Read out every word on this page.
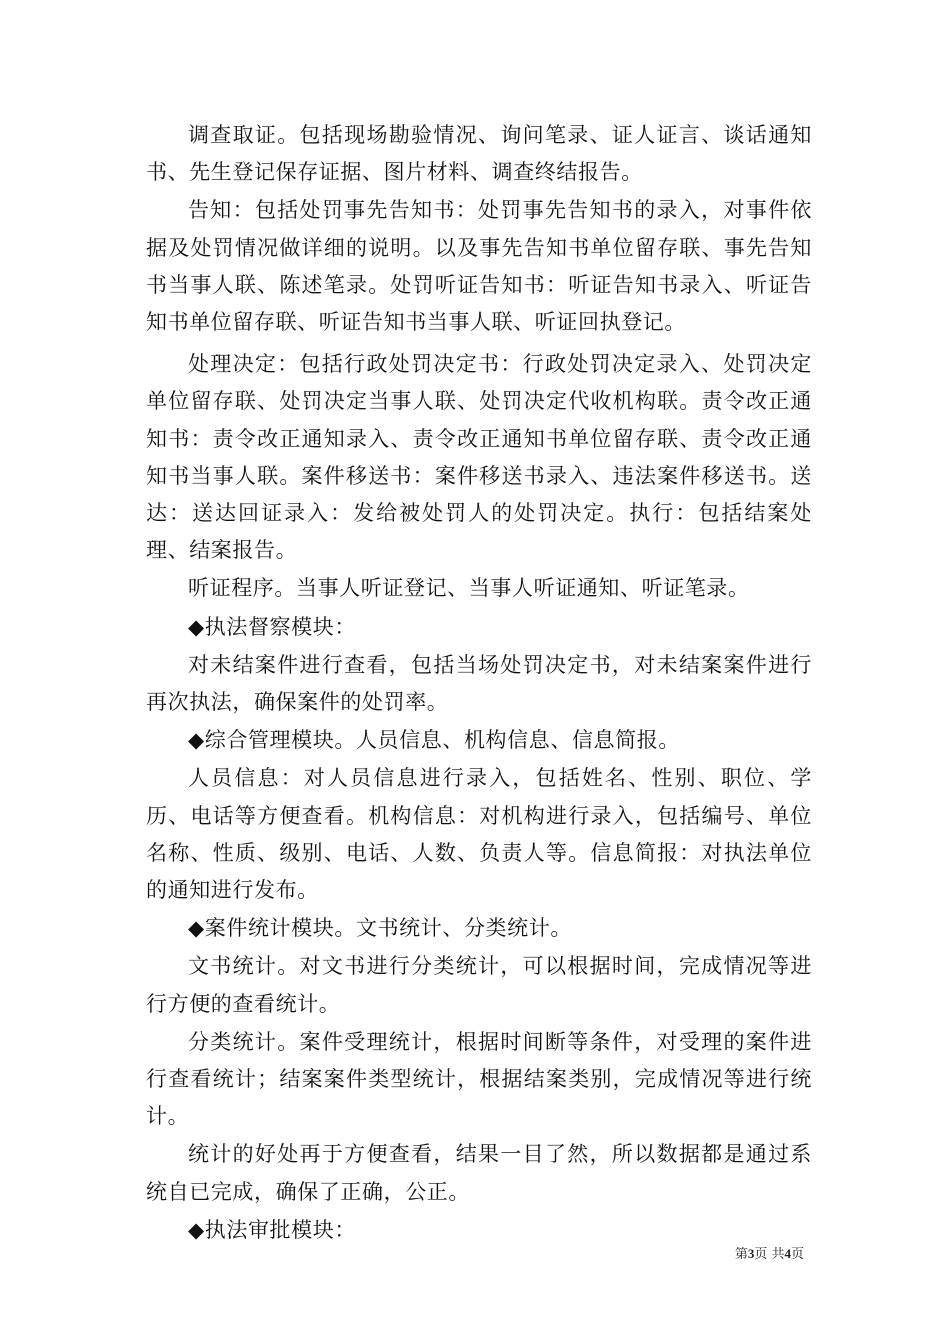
调查取证。包括现场勘验情况、询问笔录、证人证言、谈话通知书、先生登记保存证据、图片材料、调查终结报告。

告知：包括处罚事先告知书：处罚事先告知书的录入，对事件依据及处罚情况做详细的说明。以及事先告知书单位留存联、事先告知书当事人联、陈述笔录。处罚听证告知书：听证告知书录入、听证告知书单位留存联、听证告知书当事人联、听证回执登记。

处理决定：包括行政处罚决定书：行政处罚决定录入、处罚决定单位留存联、处罚决定当事人联、处罚决定代收机构联。责令改正通知书：责令改正通知录入、责令改正通知书单位留存联、责令改正通知书当事人联。案件移送书：案件移送书录入、违法案件移送书。送达：送达回证录入：发给被处罚人的处罚决定。执行：包括结案处理、结案报告。

听证程序。当事人听证登记、当事人听证通知、听证笔录。

◆执法督察模块：

对未结案件进行查看，包括当场处罚决定书，对未结案案件进行再次执法，确保案件的处罚率。

◆综合管理模块。人员信息、机构信息、信息简报。

人员信息：对人员信息进行录入，包括姓名、性别、职位、学历、电话等方便查看。机构信息：对机构进行录入，包括编号、单位名称、性质、级别、电话、人数、负责人等。信息简报：对执法单位的通知进行发布。

◆案件统计模块。文书统计、分类统计。

文书统计。对文书进行分类统计，可以根据时间，完成情况等进行方便的查看统计。

分类统计。案件受理统计，根据时间断等条件，对受理的案件进行查看统计；结案案件类型统计，根据结案类别，完成情况等进行统计。

统计的好处再于方便查看，结果一目了然，所以数据都是通过系统自已完成，确保了正确，公正。

◆执法审批模块：

第3页 共4页
